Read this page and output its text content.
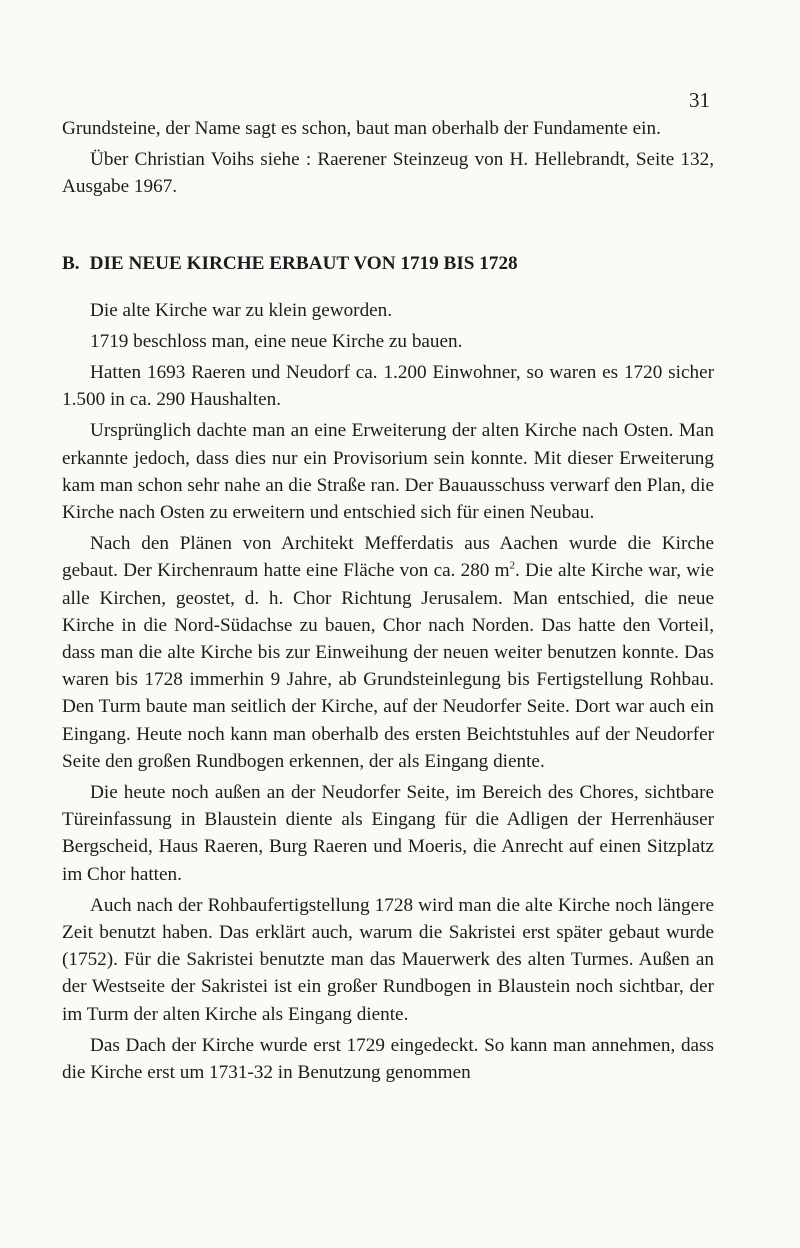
31

Grundsteine, der Name sagt es schon, baut man oberhalb der Fundamente ein.

Über Christian Voihs siehe : Raerener Steinzeug von H. Hellebrandt, Seite 132, Ausgabe 1967.

B. DIE NEUE KIRCHE ERBAUT VON 1719 BIS 1728

Die alte Kirche war zu klein geworden.

1719 beschloss man, eine neue Kirche zu bauen.

Hatten 1693 Raeren und Neudorf ca. 1.200 Einwohner, so waren es 1720 sicher 1.500 in ca. 290 Haushalten.

Ursprünglich dachte man an eine Erweiterung der alten Kirche nach Osten. Man erkannte jedoch, dass dies nur ein Provisorium sein konnte. Mit dieser Erweiterung kam man schon sehr nahe an die Straße ran. Der Bauausschuss verwarf den Plan, die Kirche nach Osten zu erweitern und entschied sich für einen Neubau.

Nach den Plänen von Architekt Mefferdatis aus Aachen wurde die Kirche gebaut. Der Kirchenraum hatte eine Fläche von ca. 280 $m^2$. Die alte Kirche war, wie alle Kirchen, geostet, d. h. Chor Richtung Jerusalem. Man entschied, die neue Kirche in die Nord-Südachse zu bauen, Chor nach Norden. Das hatte den Vorteil, dass man die alte Kirche bis zur Einweihung der neuen weiter benutzen konnte. Das waren bis 1728 immerhin 9 Jahre, ab Grundsteinlegung bis Fertigstellung Rohbau. Den Turm baute man seitlich der Kirche, auf der Neudorfer Seite. Dort war auch ein Eingang. Heute noch kann man oberhalb des ersten Beichtstuhles auf der Neudorfer Seite den großen Rundbogen erkennen, der als Eingang diente.

Die heute noch außen an der Neudorfer Seite, im Bereich des Chores, sichtbare Türeinfassung in Blaustein diente als Eingang für die Adligen der Herrenhäuser Bergscheid, Haus Raeren, Burg Raeren und Moeris, die Anrecht auf einen Sitzplatz im Chor hatten.

Auch nach der Rohbaufertigstellung 1728 wird man die alte Kirche noch längere Zeit benutzt haben. Das erklärt auch, warum die Sakristei erst später gebaut wurde (1752). Für die Sakristei benutzte man das Mauerwerk des alten Turmes. Außen an der Westseite der Sakristei ist ein großer Rundbogen in Blaustein noch sichtbar, der im Turm der alten Kirche als Eingang diente.

Das Dach der Kirche wurde erst 1729 eingedeckt. So kann man annehmen, dass die Kirche erst um 1731-32 in Benutzung genommen
